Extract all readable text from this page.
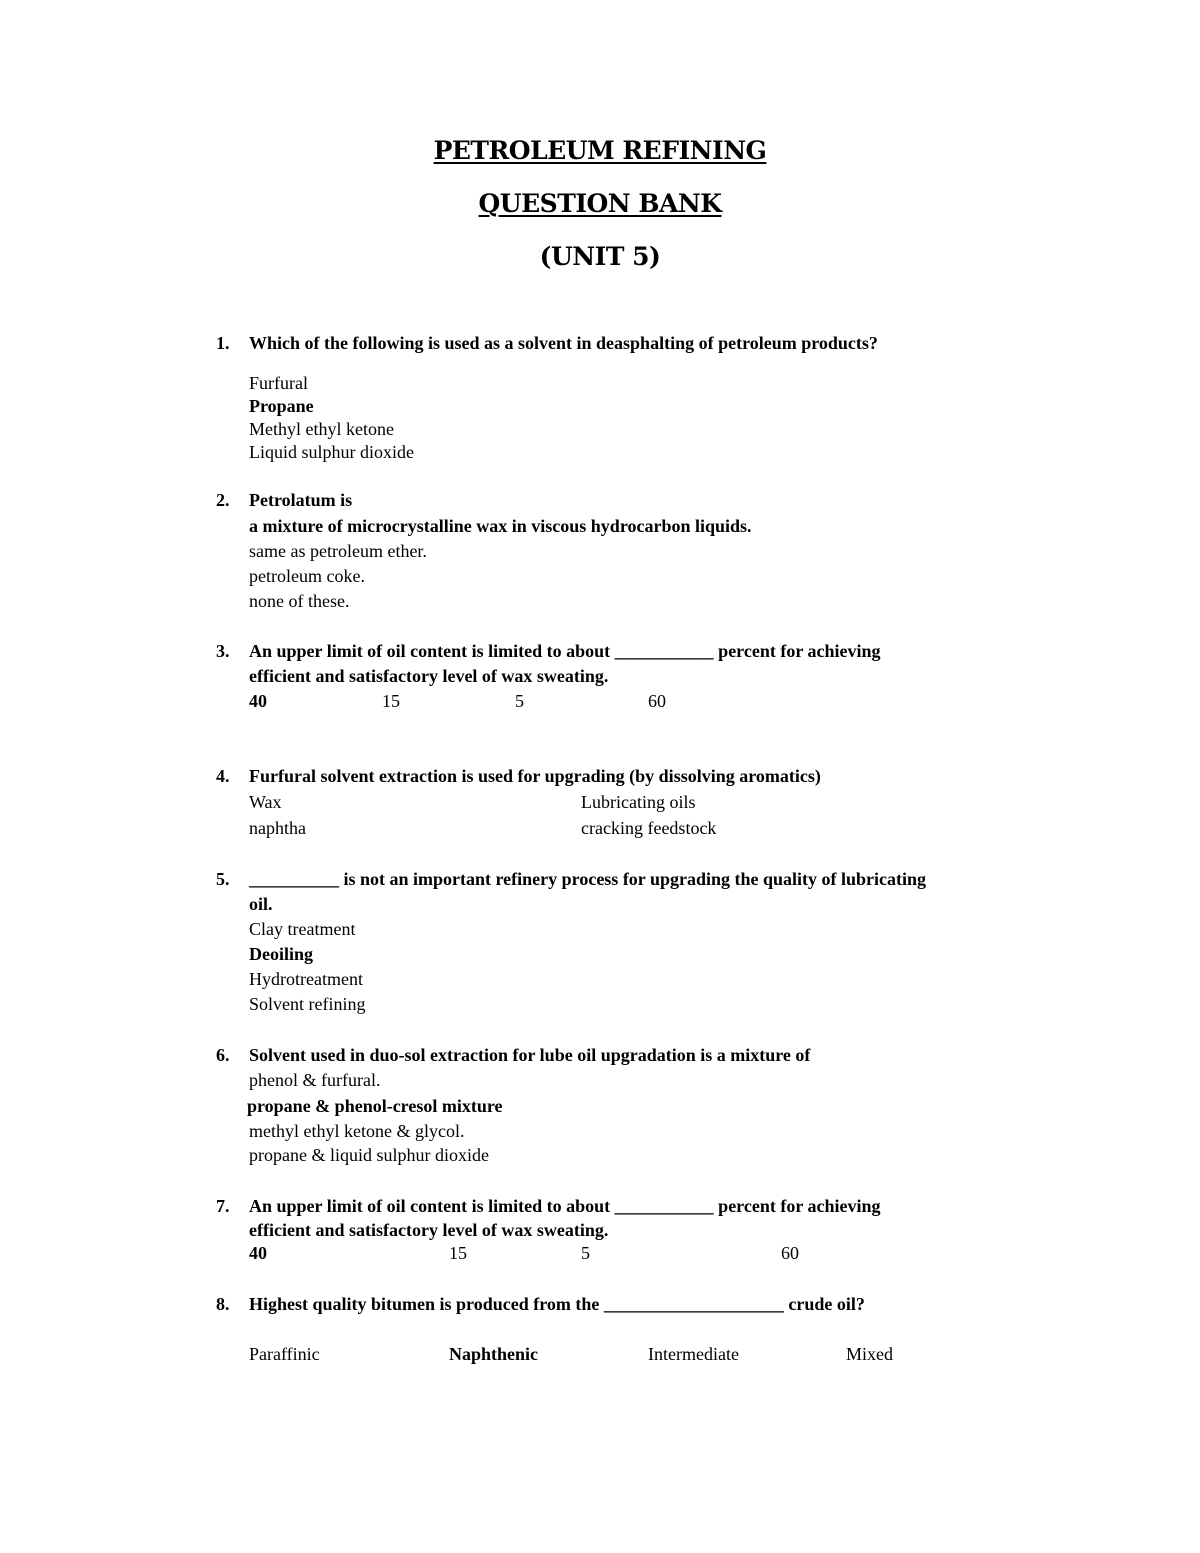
PETROLEUM REFINING
QUESTION BANK
(UNIT 5)
1. Which of the following is used as a solvent in deasphalting of petroleum products?
Furfural
Propane
Methyl ethyl ketone
Liquid sulphur dioxide
2. Petrolatum is
a mixture of microcrystalline wax in viscous hydrocarbon liquids.
same as petroleum ether.
petroleum coke.
none of these.
3. An upper limit of oil content is limited to about ___________ percent for achieving
efficient and satisfactory level of wax sweating.
40	15	5	60
4. Furfural solvent extraction is used for upgrading (by dissolving aromatics)
Wax	Lubricating oils
naphtha	cracking feedstock
5. __________ is not an important refinery process for upgrading the quality of lubricating
oil.
Clay treatment
Deoiling
Hydrotreatment
Solvent refining
6. Solvent used in duo-sol extraction for lube oil upgradation is a mixture of
phenol & furfural.
propane & phenol-cresol mixture
methyl ethyl ketone & glycol.
propane & liquid sulphur dioxide
7. An upper limit of oil content is limited to about ___________ percent for achieving
efficient and satisfactory level of wax sweating.
40	15	5	60
8. Highest quality bitumen is produced from the ____________________ crude oil?
Paraffinic	Naphthenic	Intermediate	Mixed
